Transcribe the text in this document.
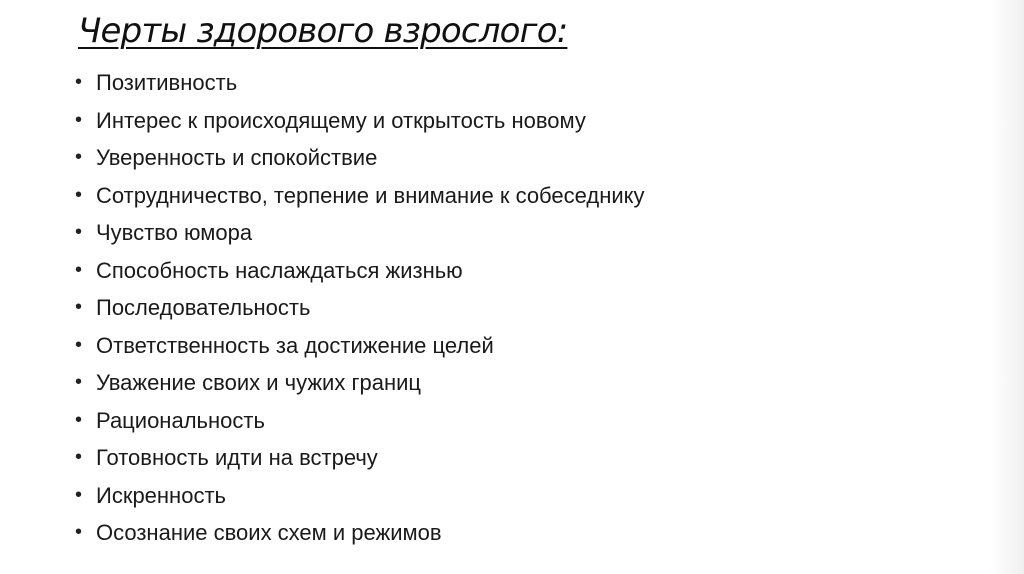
Черты здорового взрослого:
• Позитивность
• Интерес к происходящему и открытость новому
• Уверенность и спокойствие
• Сотрудничество, терпение и внимание к собеседнику
• Чувство юмора
• Способность наслаждаться жизнью
• Последовательность
• Ответственность за достижение целей
• Уважение своих и чужих границ
• Рациональность
• Готовность идти на встречу
• Искренность
• Осознание своих схем и режимов
